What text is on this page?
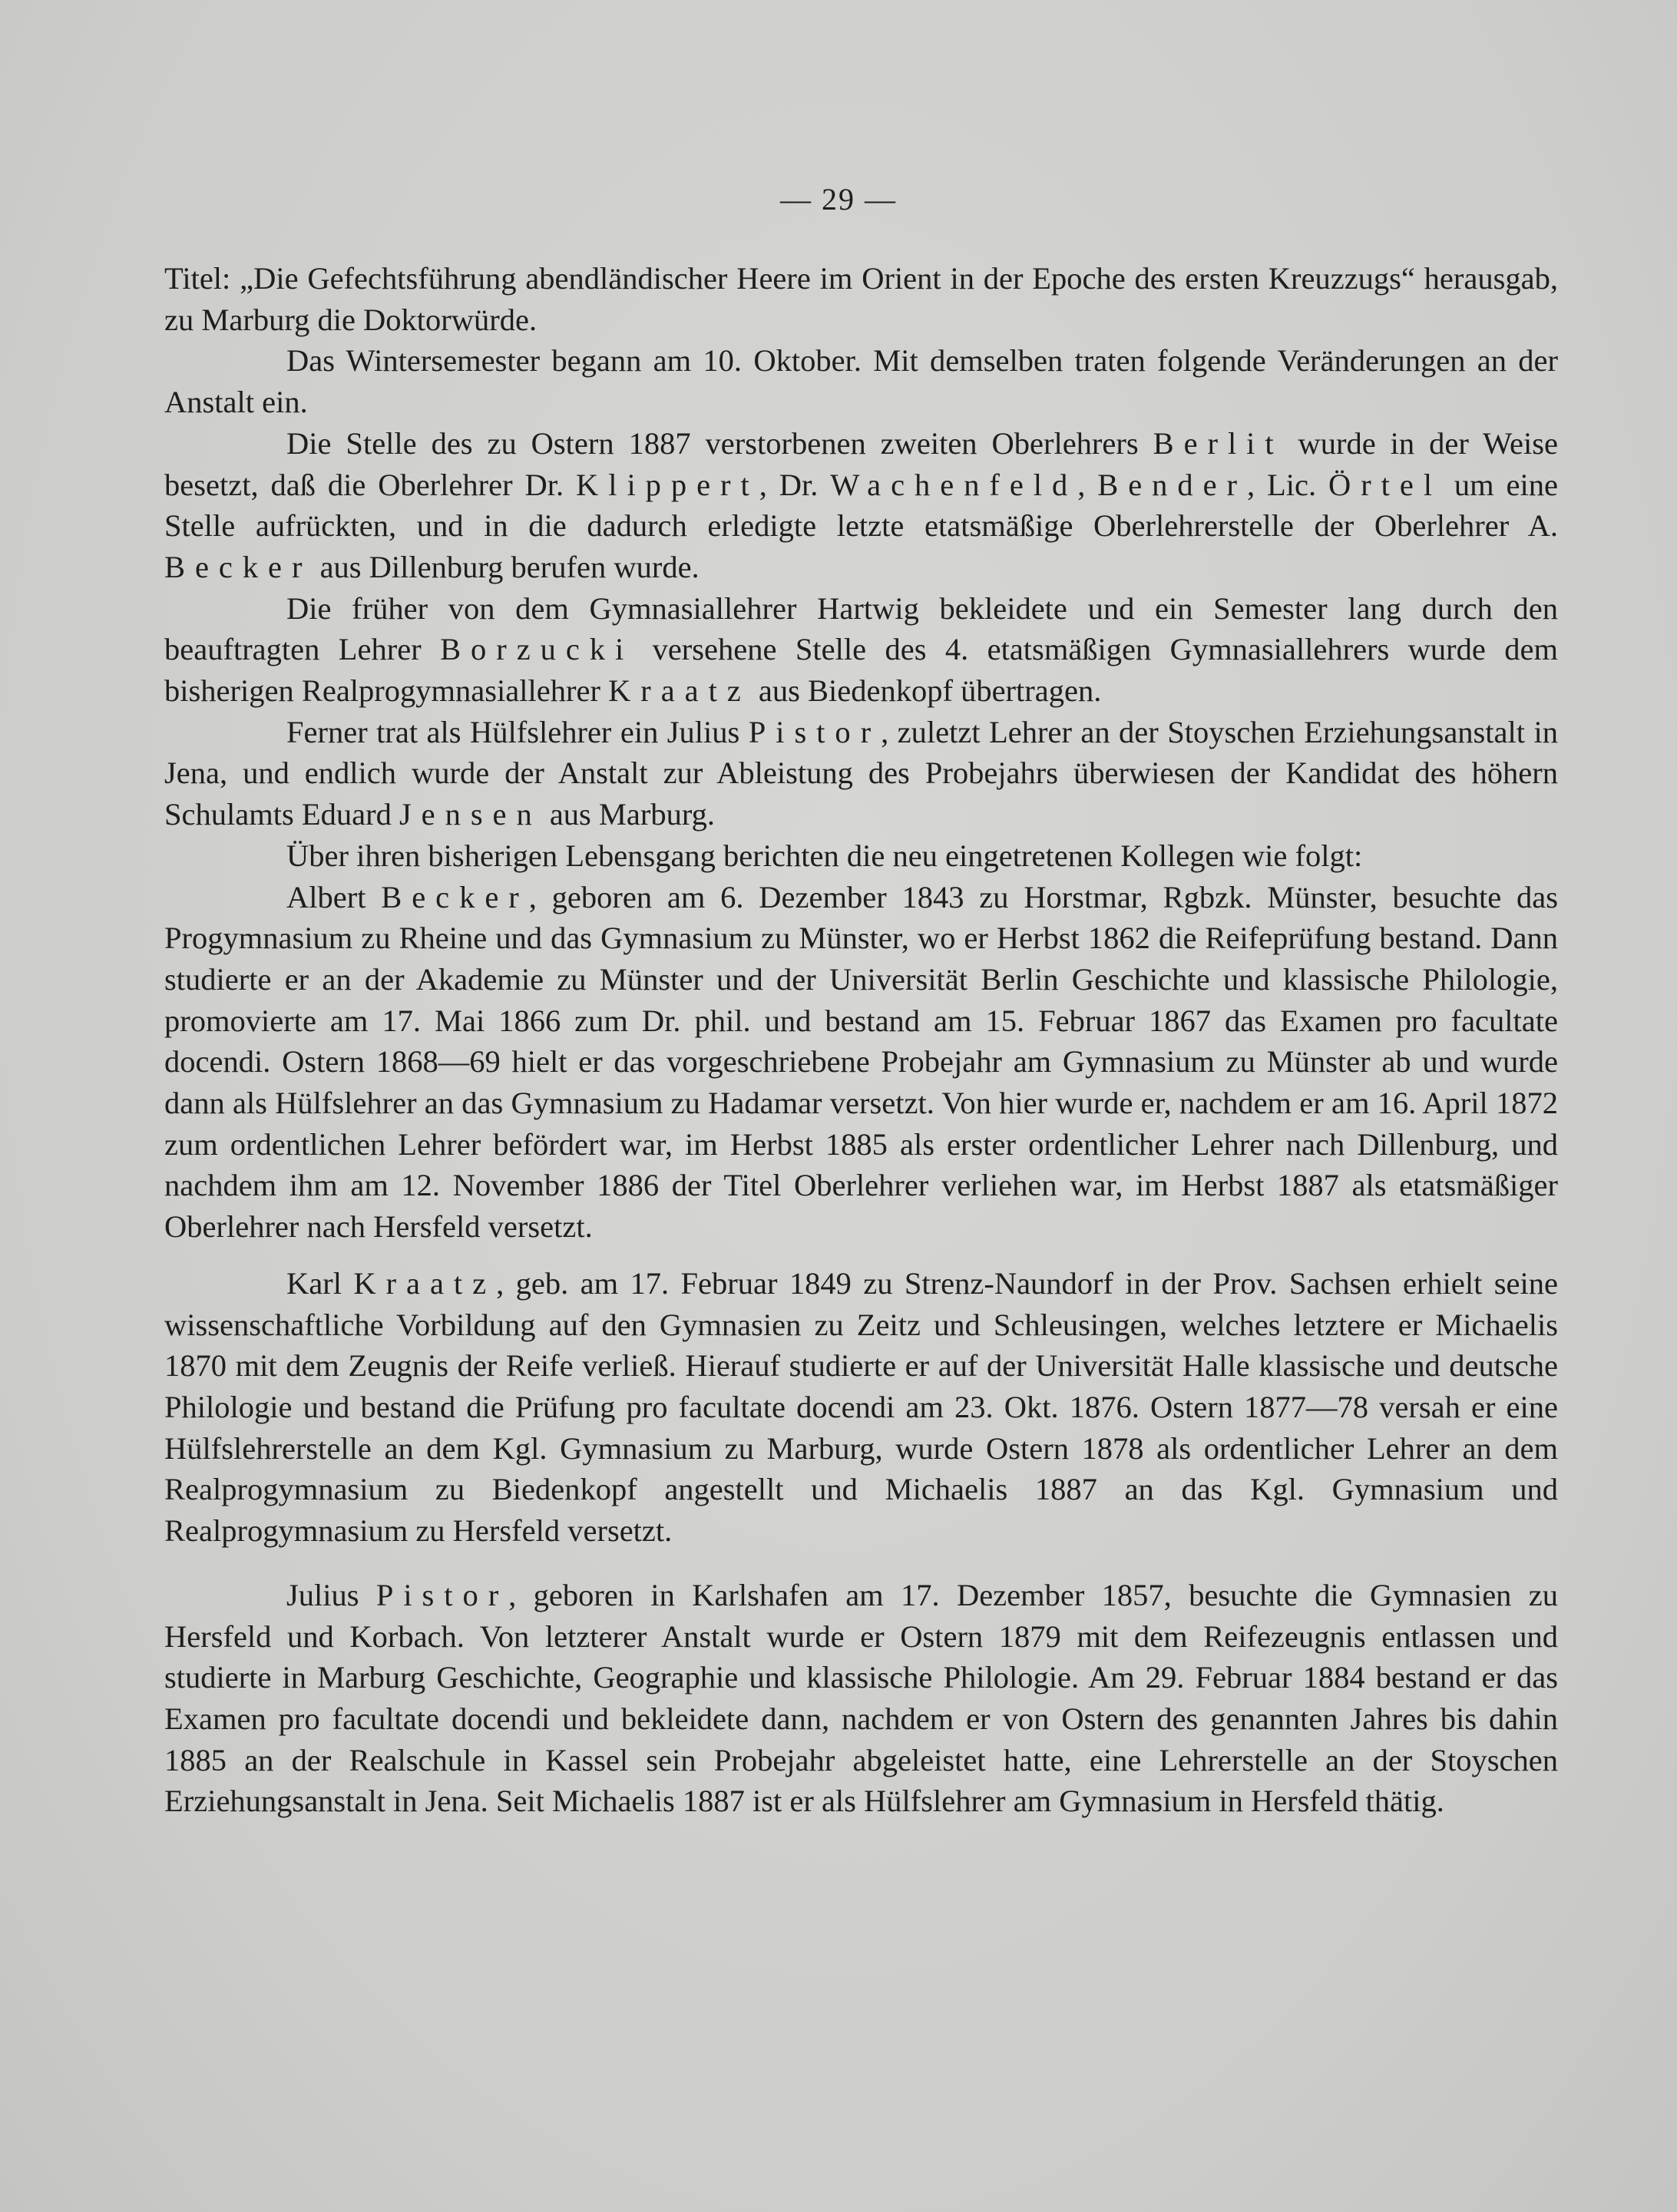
— 29 —

Titel: „Die Gefechtsführung abendländischer Heere im Orient in der Epoche des ersten Kreuzzugs“ herausgab, zu Marburg die Doktorwürde.

Das Wintersemester begann am 10. Oktober. Mit demselben traten folgende Veränderungen an der Anstalt ein.

Die Stelle des zu Ostern 1887 verstorbenen zweiten Oberlehrers Berlit wurde in der Weise besetzt, daß die Oberlehrer Dr. Klippert, Dr. Wachenfeld, Bender, Lic. Örtel um eine Stelle aufrückten, und in die dadurch erledigte letzte etatsmäßige Oberlehrerstelle der Oberlehrer A. Becker aus Dillenburg berufen wurde.

Die früher von dem Gymnasiallehrer Hartwig bekleidete und ein Semester lang durch den beauftragten Lehrer Borzucki versehene Stelle des 4. etatsmäßigen Gymnasiallehrers wurde dem bisherigen Realprogymnasiallehrer Kraatz aus Biedenkopf übertragen.

Ferner trat als Hülfslehrer ein Julius Pistor, zuletzt Lehrer an der Stoyschen Erziehungsanstalt in Jena, und endlich wurde der Anstalt zur Ableistung des Probejahrs überwiesen der Kandidat des höhern Schulamts Eduard Jensen aus Marburg.

Über ihren bisherigen Lebensgang berichten die neu eingetretenen Kollegen wie folgt:

Albert Becker, geboren am 6. Dezember 1843 zu Horstmar, Rgbzk. Münster, besuchte das Progymnasium zu Rheine und das Gymnasium zu Münster, wo er Herbst 1862 die Reifeprüfung bestand. Dann studierte er an der Akademie zu Münster und der Universität Berlin Geschichte und klassische Philologie, promovierte am 17. Mai 1866 zum Dr. phil. und bestand am 15. Februar 1867 das Examen pro facultate docendi. Ostern 1868—69 hielt er das vorgeschriebene Probejahr am Gymnasium zu Münster ab und wurde dann als Hülfslehrer an das Gymnasium zu Hadamar versetzt. Von hier wurde er, nachdem er am 16. April 1872 zum ordentlichen Lehrer befördert war, im Herbst 1885 als erster ordentlicher Lehrer nach Dillenburg, und nachdem ihm am 12. November 1886 der Titel Oberlehrer verliehen war, im Herbst 1887 als etatsmäßiger Oberlehrer nach Hersfeld versetzt.

Karl Kraatz, geb. am 17. Februar 1849 zu Strenz-Naundorf in der Prov. Sachsen erhielt seine wissenschaftliche Vorbildung auf den Gymnasien zu Zeitz und Schleusingen, welches letztere er Michaelis 1870 mit dem Zeugnis der Reife verließ. Hierauf studierte er auf der Universität Halle klassische und deutsche Philologie und bestand die Prüfung pro facultate docendi am 23. Okt. 1876. Ostern 1877—78 versah er eine Hülfslehrerstelle an dem Kgl. Gymnasium zu Marburg, wurde Ostern 1878 als ordentlicher Lehrer an dem Realprogymnasium zu Biedenkopf angestellt und Michaelis 1887 an das Kgl. Gymnasium und Realprogymnasium zu Hersfeld versetzt.

Julius Pistor, geboren in Karlshafen am 17. Dezember 1857, besuchte die Gymnasien zu Hersfeld und Korbach. Von letzterer Anstalt wurde er Ostern 1879 mit dem Reifezeugnis entlassen und studierte in Marburg Geschichte, Geographie und klassische Philologie. Am 29. Februar 1884 bestand er das Examen pro facultate docendi und bekleidete dann, nachdem er von Ostern des genannten Jahres bis dahin 1885 an der Realschule in Kassel sein Probejahr abgeleistet hatte, eine Lehrerstelle an der Stoyschen Erziehungsanstalt in Jena. Seit Michaelis 1887 ist er als Hülfslehrer am Gymnasium in Hersfeld thätig.
